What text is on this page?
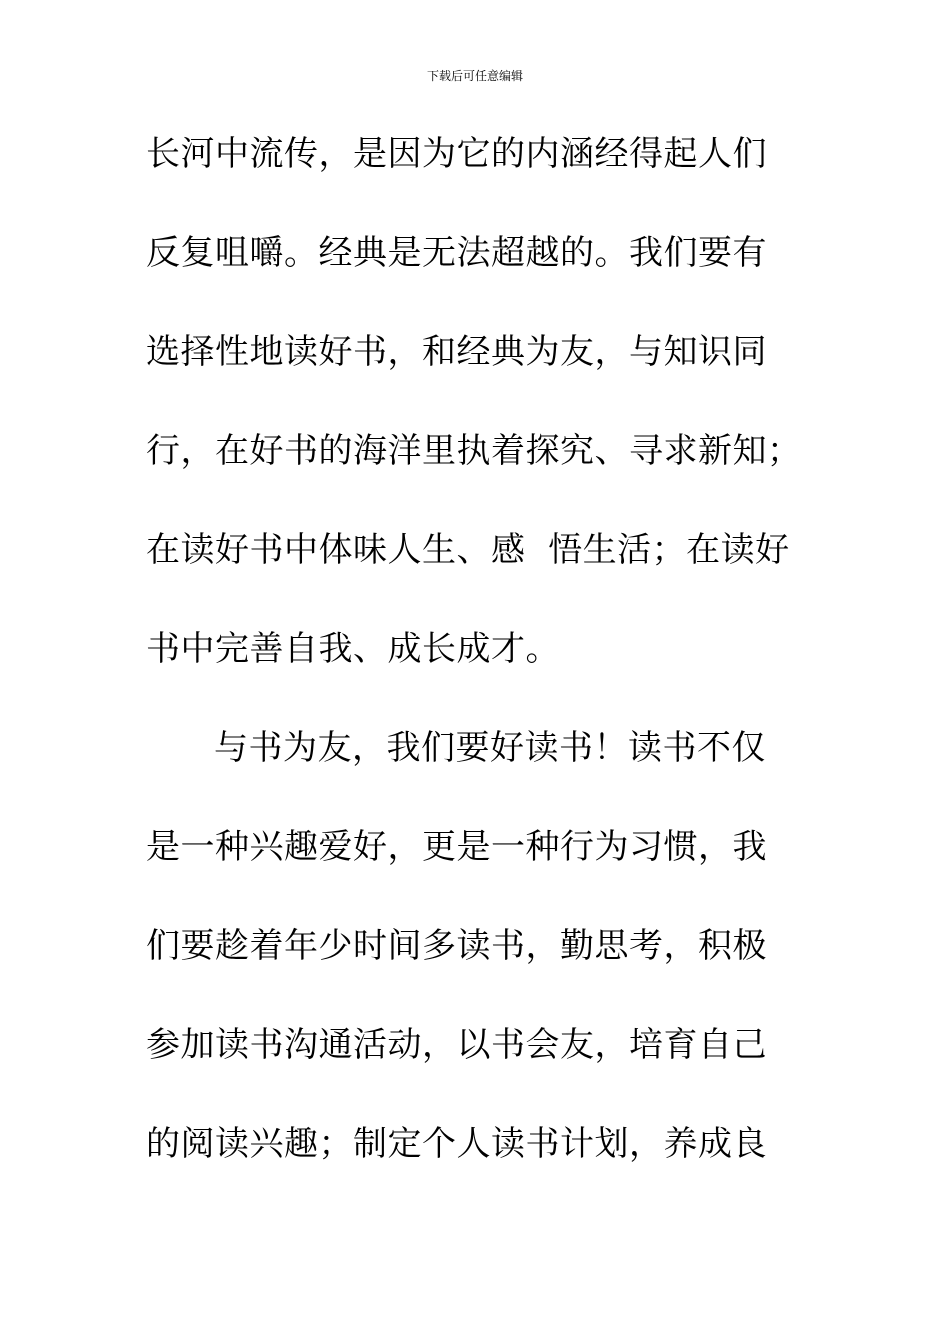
下载后可任意编辑
长河中流传，是因为它的内涵经得起人们
反复咀嚼。经典是无法超越的。我们要有
选择性地读好书，和经典为友，与知识同
行，在好书的海洋里执着探究、寻求新知；
在读好书中体味人生、感  悟生活；在读好
书中完善自我、成长成才。
与书为友，我们要好读书！读书不仅
是一种兴趣爱好，更是一种行为习惯，我
们要趁着年少时间多读书，勤思考，积极
参加读书沟通活动，以书会友，培育自己
的阅读兴趣；制定个人读书计划，养成良
